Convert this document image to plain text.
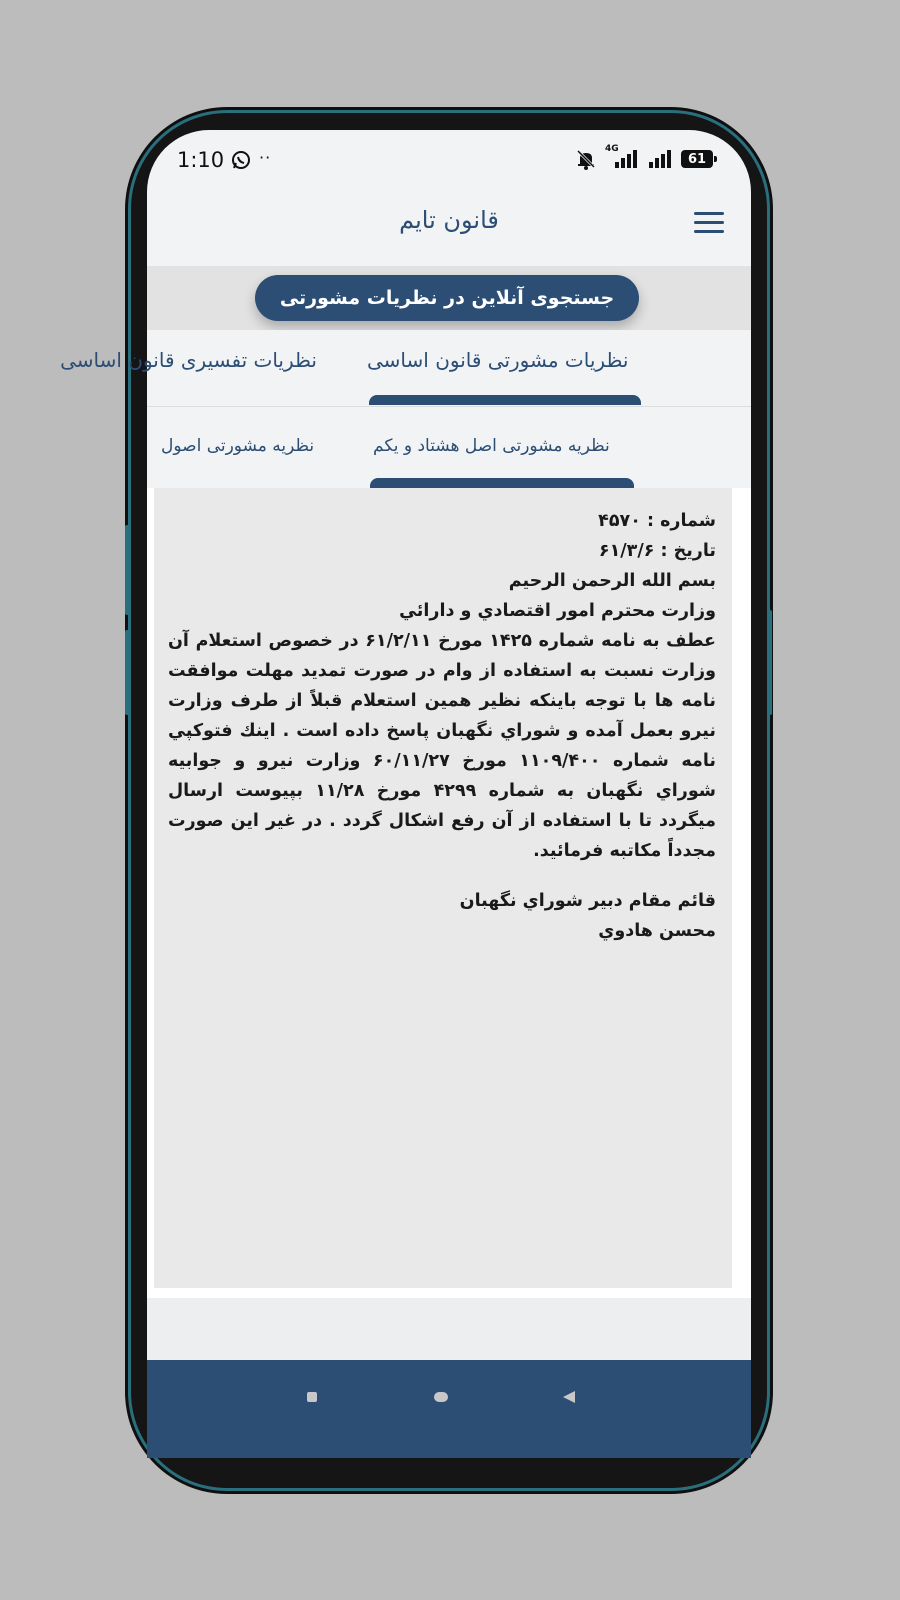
1:10 ··	4G
61
قانون تایم
جستجوی آنلاین در نظریات مشورتی
نظریات مشورتی قانون اساسی
نظریات تفسیری قانون اساسی
نظریه مشورتی اصل هشتاد و یکم
نظریه مشورتی اصول

شماره : ۴۵۷۰

تاریخ : ۶۱/۳/۶

بسم الله الرحمن الرحيم

وزارت محترم امور اقتصادي و دارائي

عطف به نامه شماره ۱۴۲۵ مورخ ۶۱/۲/۱۱ در خصوص استعلام آن وزارت نسبت به استفاده از وام در صورت تمدید مهلت موافقت نامه ها با توجه باینکه نظیر همین استعلام قبلاً از طرف وزارت نیرو بعمل آمده و شوراي نگهبان پاسخ داده است . اینك فتوکپي نامه شماره ۱۱۰۹/۴۰۰ مورخ ۶۰/۱۱/۲۷ وزارت نیرو و جوابیه شوراي نگهبان به شماره ۴۲۹۹ مورخ ۱۱/۲۸ بپیوست ارسال میگردد تا با استفاده از آن رفع اشکال گردد . در غیر این صورت مجدداً مکاتبه فرمائید.

قائم مقام دبیر شوراي نگهبان

محسن هادوي
